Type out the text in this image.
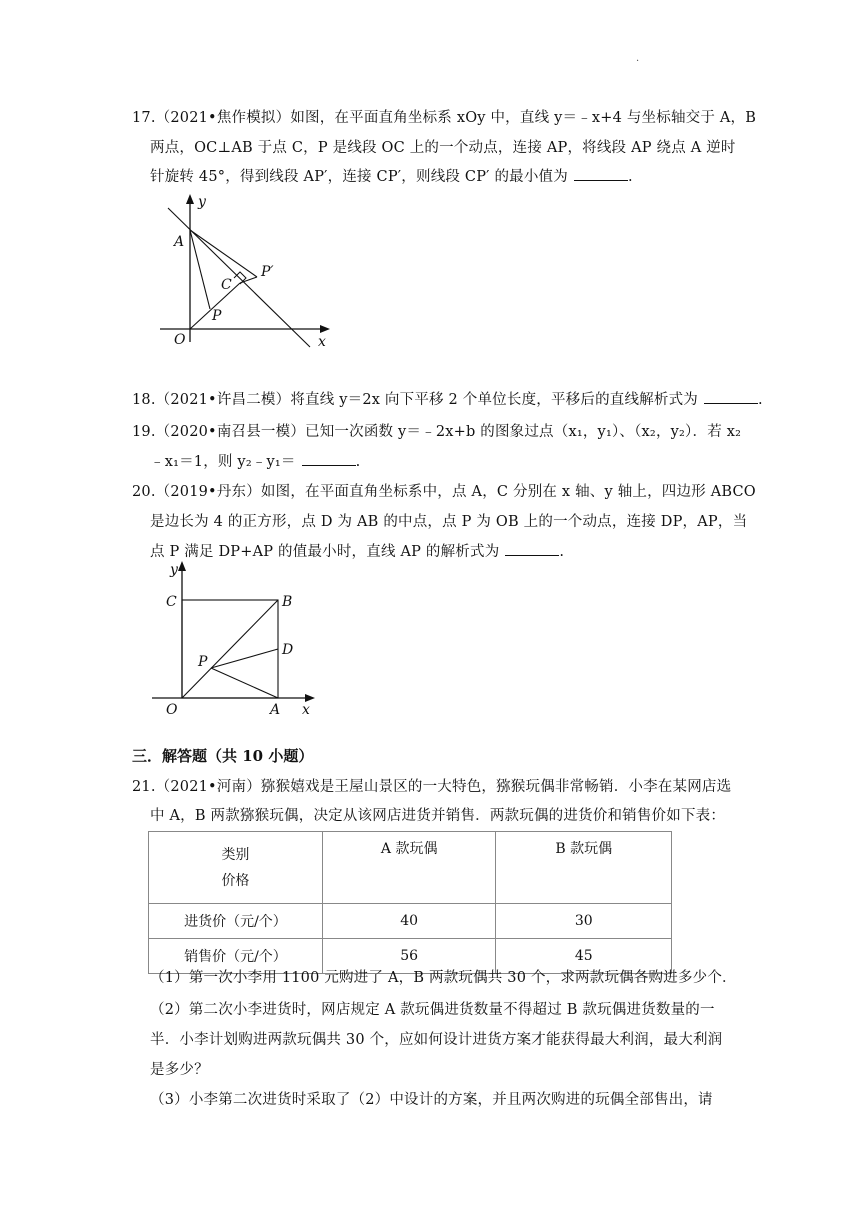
·
17.（2021•焦作模拟）如图，在平面直角坐标系 xOy 中，直线 y＝﹣x+4 与坐标轴交于 A，B
两点，OC⊥AB 于点 C，P 是线段 OC 上的一个动点，连接 AP，将线段 AP 绕点 A 逆时
针旋转 45°，得到线段 AP′，连接 CP′，则线段 CP′ 的最小值为	.
y
x
A
O
C
P
P′
18.（2021•许昌二模）将直线 y＝2x 向下平移 2 个单位长度，平移后的直线解析式为	.
19.（2020•南召县一模）已知一次函数 y＝﹣2x+b 的图象过点（x₁，y₁）、（x₂，y₂）．若 x₂
﹣x₁＝1，则 y₂﹣y₁＝	.
20.（2019•丹东）如图，在平面直角坐标系中，点 A，C 分别在 x 轴、y 轴上，四边形 ABCO
是边长为 4 的正方形，点 D 为 AB 的中点，点 P 为 OB 上的一个动点，连接 DP，AP，当
点 P 满足 DP+AP 的值最小时，直线 AP 的解析式为	.
y
x
C	B
D
P
O	A
三．解答题（共 10 小题）
21.（2021•河南）猕猴嬉戏是王屋山景区的一大特色，猕猴玩偶非常畅销．小李在某网店选
中 A，B 两款猕猴玩偶，决定从该网店进货并销售．两款玩偶的进货价和销售价如下表：
类别
价格	A 款玩偶	B 款玩偶
进货价（元/个）	40	30
销售价（元/个）	56	45
（1）第一次小李用 1100 元购进了 A，B 两款玩偶共 30 个，求两款玩偶各购进多少个．
（2）第二次小李进货时，网店规定 A 款玩偶进货数量不得超过 B 款玩偶进货数量的一
半．小李计划购进两款玩偶共 30 个，应如何设计进货方案才能获得最大利润，最大利润
是多少？
（3）小李第二次进货时采取了（2）中设计的方案，并且两次购进的玩偶全部售出，请
